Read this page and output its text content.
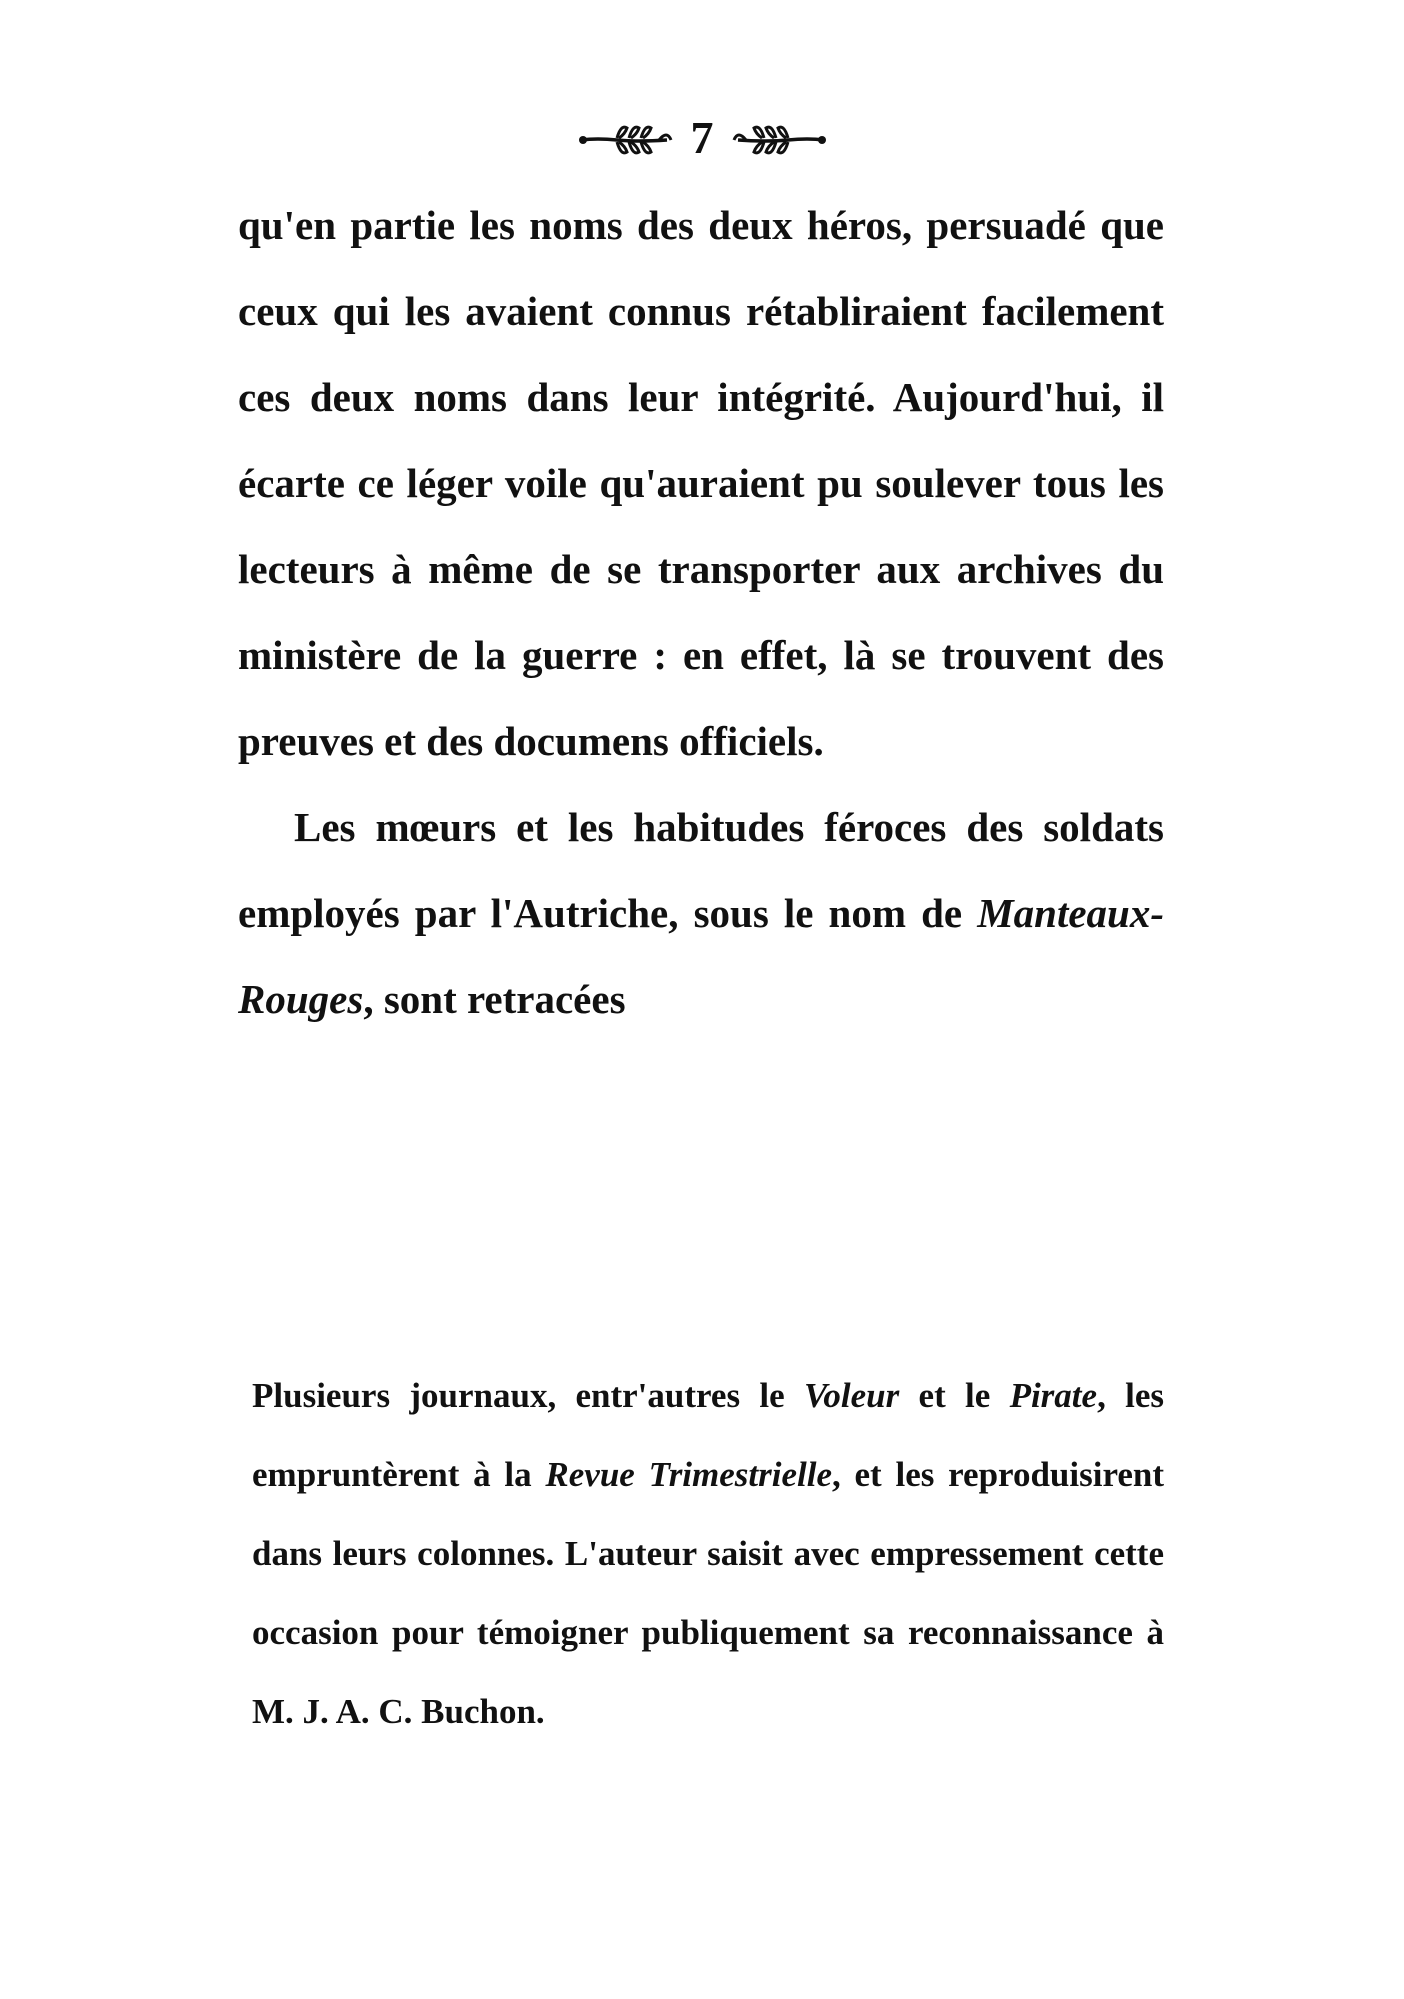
7

qu'en partie les noms des deux héros, persuadé que ceux qui les avaient connus rétabliraient facilement ces deux noms dans leur intégrité. Aujourd'hui, il écarte ce léger voile qu'auraient pu soulever tous les lecteurs à même de se transporter aux archives du ministère de la guerre : en effet, là se trouvent des preuves et des documens officiels.

Les mœurs et les habitudes féroces des soldats employés par l'Autriche, sous le nom de Manteaux-Rouges, sont retracées

Plusieurs journaux, entr'autres le Voleur et le Pirate, les empruntèrent à la Revue Trimestrielle, et les reproduisirent dans leurs colonnes. L'auteur saisit avec empressement cette occasion pour témoigner publiquement sa reconnaissance à M. J. A. C. Buchon.
